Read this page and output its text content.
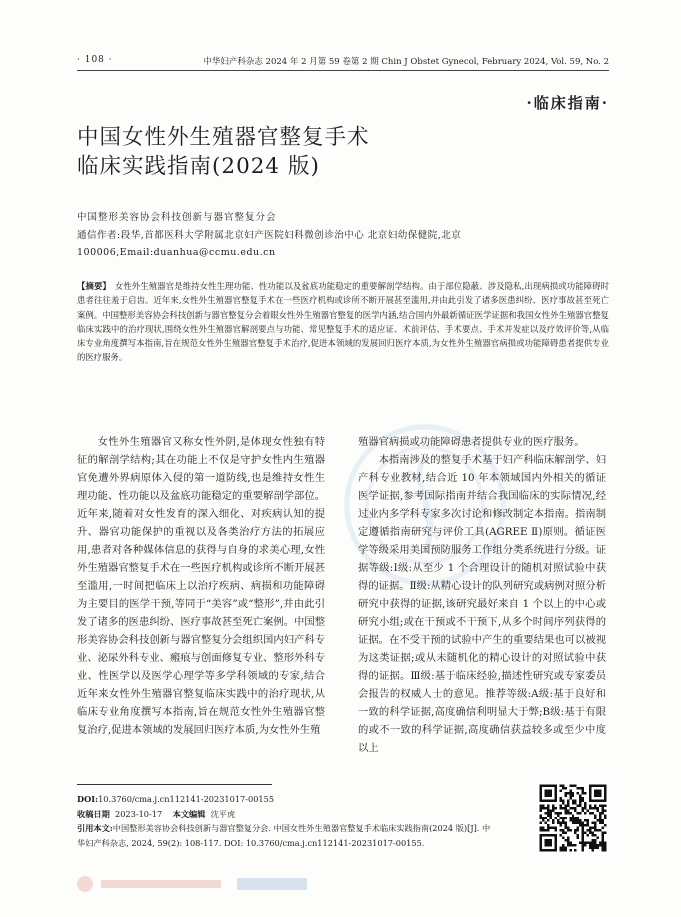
· 108 ·	中华妇产科杂志 2024 年 2 月第 59 卷第 2 期 Chin J Obstet Gynecol, February 2024, Vol. 59, No. 2
·临床指南·
中国女性外生殖器官整复手术
临床实践指南(2024 版)
中国整形美容协会科技创新与器官整复分会
通信作者:段华,首都医科大学附属北京妇产医院妇科微创诊治中心 北京妇幼保健院,北京 100006,Email:duanhua@ccmu.edu.cn
【摘要】 女性外生殖器官是维持女性生理功能、性功能以及盆底功能稳定的重要解剖学结构。由于部位隐蔽、涉及隐私,出现病损或功能障碍时患者往往羞于启齿。近年来,女性外生殖器官整复手术在一些医疗机构或诊所不断开展甚至滥用,并由此引发了诸多医患纠纷、医疗事故甚至死亡案例。中国整形美容协会科技创新与器官整复分会着眼女性外生殖器官整复的医学内涵,结合国内外最新循证医学证据和我国女性外生殖器官整复临床实践中的治疗现状,围绕女性外生殖器官解剖要点与功能、常见整复手术的适应证、术前评估、手术要点、手术并发症以及疗效评价等,从临床专业角度撰写本指南,旨在规范女性外生殖器官整复手术治疗,促进本领域的发展回归医疗本质,为女性外生殖器官病损或功能障碍患者提供专业的医疗服务。

女性外生殖器官又称女性外阴,是体现女性独有特征的解剖学结构;其在功能上不仅是守护女性内生殖器官免遭外界病原体入侵的第一道防线,也是维持女性生理功能、性功能以及盆底功能稳定的重要解剖学部位。近年来,随着对女性发育的深入细化、对疾病认知的提升、器官功能保护的重视以及各类治疗方法的拓展应用,患者对各种媒体信息的获得与自身的求美心理,女性外生殖器官整复手术在一些医疗机构或诊所不断开展甚至滥用,一时间把临床上以治疗疾病、病损和功能障碍为主要目的医学干预,等同于“美容”或“整形”,并由此引发了诸多的医患纠纷、医疗事故甚至死亡案例。中国整形美容协会科技创新与器官整复分会组织国内妇产科专业、泌尿外科专业、瘢痕与创面修复专业、整形外科专业、性医学以及医学心理学等多学科领域的专家,结合近年来女性外生殖器官整复临床实践中的治疗现状,从临床专业角度撰写本指南,旨在规范女性外生殖器官整复治疗,促进本领域的发展回归医疗本质,为女性外生殖

殖器官病损或功能障碍患者提供专业的医疗服务。

本指南涉及的整复手术基于妇产科临床解剖学、妇产科专业教材,结合近 10 年本领域国内外相关的循证医学证据,参考国际指南并结合我国临床的实际情况,经过业内多学科专家多次讨论和修改制定本指南。指南制定遵循指南研究与评价工具(AGREE Ⅱ)原则。循证医学等级采用美国预防服务工作组分类系统进行分级。证据等级:Ⅰ级:从至少 1 个合理设计的随机对照试验中获得的证据。Ⅱ级:从精心设计的队列研究或病例对照分析研究中获得的证据,该研究最好来自 1 个以上的中心或研究小组;或在干预或不干预下,从多个时间序列获得的证据。在不受干预的试验中产生的重要结果也可以被视为这类证据;或从未随机化的精心设计的对照试验中获得的证据。Ⅲ级:基于临床经验,描述性研究或专家委员会报告的权威人士的意见。推荐等级:A级:基于良好和一致的科学证据,高度确信利明显大于弊;B级:基于有限的或不一致的科学证据,高度确信获益较多或至少中度以上

DOI:10.3760/cma.j.cn112141-20231017-00155
收稿日期 2023-10-17 本文编辑 沈平虎
引用本文:中国整形美容协会科技创新与器官整复分会. 中国女性外生殖器官整复手术临床实践指南(2024 版)[J]. 中华妇产科杂志, 2024, 59(2): 108-117. DOI: 10.3760/cma.j.cn112141-20231017-00155.
